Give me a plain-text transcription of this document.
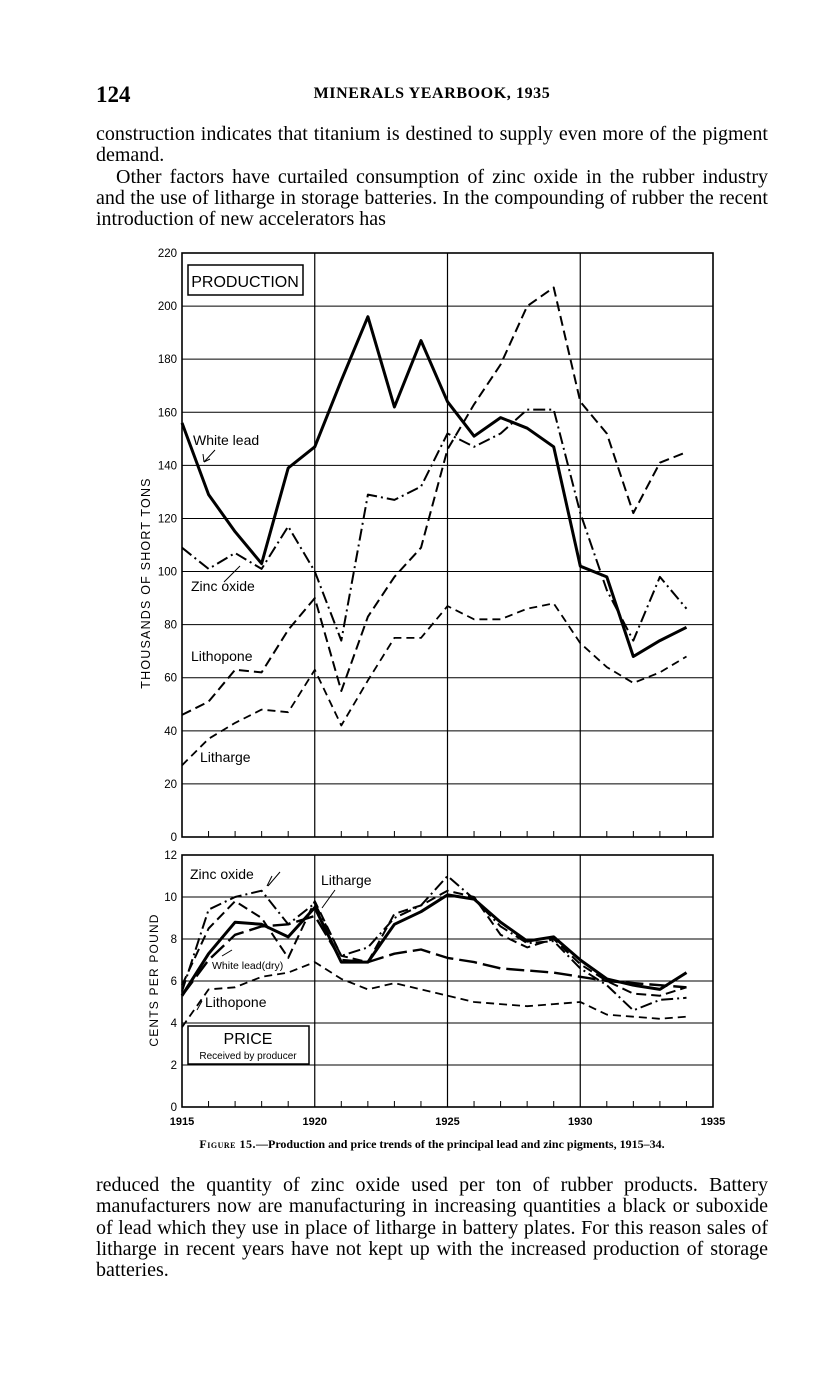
124	MINERALS YEARBOOK, 1935

construction indicates that titanium is destined to supply even more of the pigment demand.

Other factors have curtailed consumption of zinc oxide in the rubber industry and the use of litharge in storage batteries. In the compounding of rubber the recent introduction of new accelerators has

0
20
40
60
80
100
120
140
160
180
200
220
0
2
4
6
8
10
12
1915	1920	1925	1930	1935
PRODUCTION
THOUSANDS OF SHORT TONS
White lead
Zinc oxide
Lithopone
Litharge
PRICE
Received by producer
CENTS PER POUND
Zinc oxide	Litharge
White lead(dry)
Lithopone
Figure 15.—Production and price trends of the principal lead and zinc pigments, 1915–34.

reduced the quantity of zinc oxide used per ton of rubber products. Battery manufacturers now are manufacturing in increasing quantities a black or suboxide of lead which they use in place of litharge in battery plates. For this reason sales of litharge in recent years have not kept up with the increased production of storage batteries.
